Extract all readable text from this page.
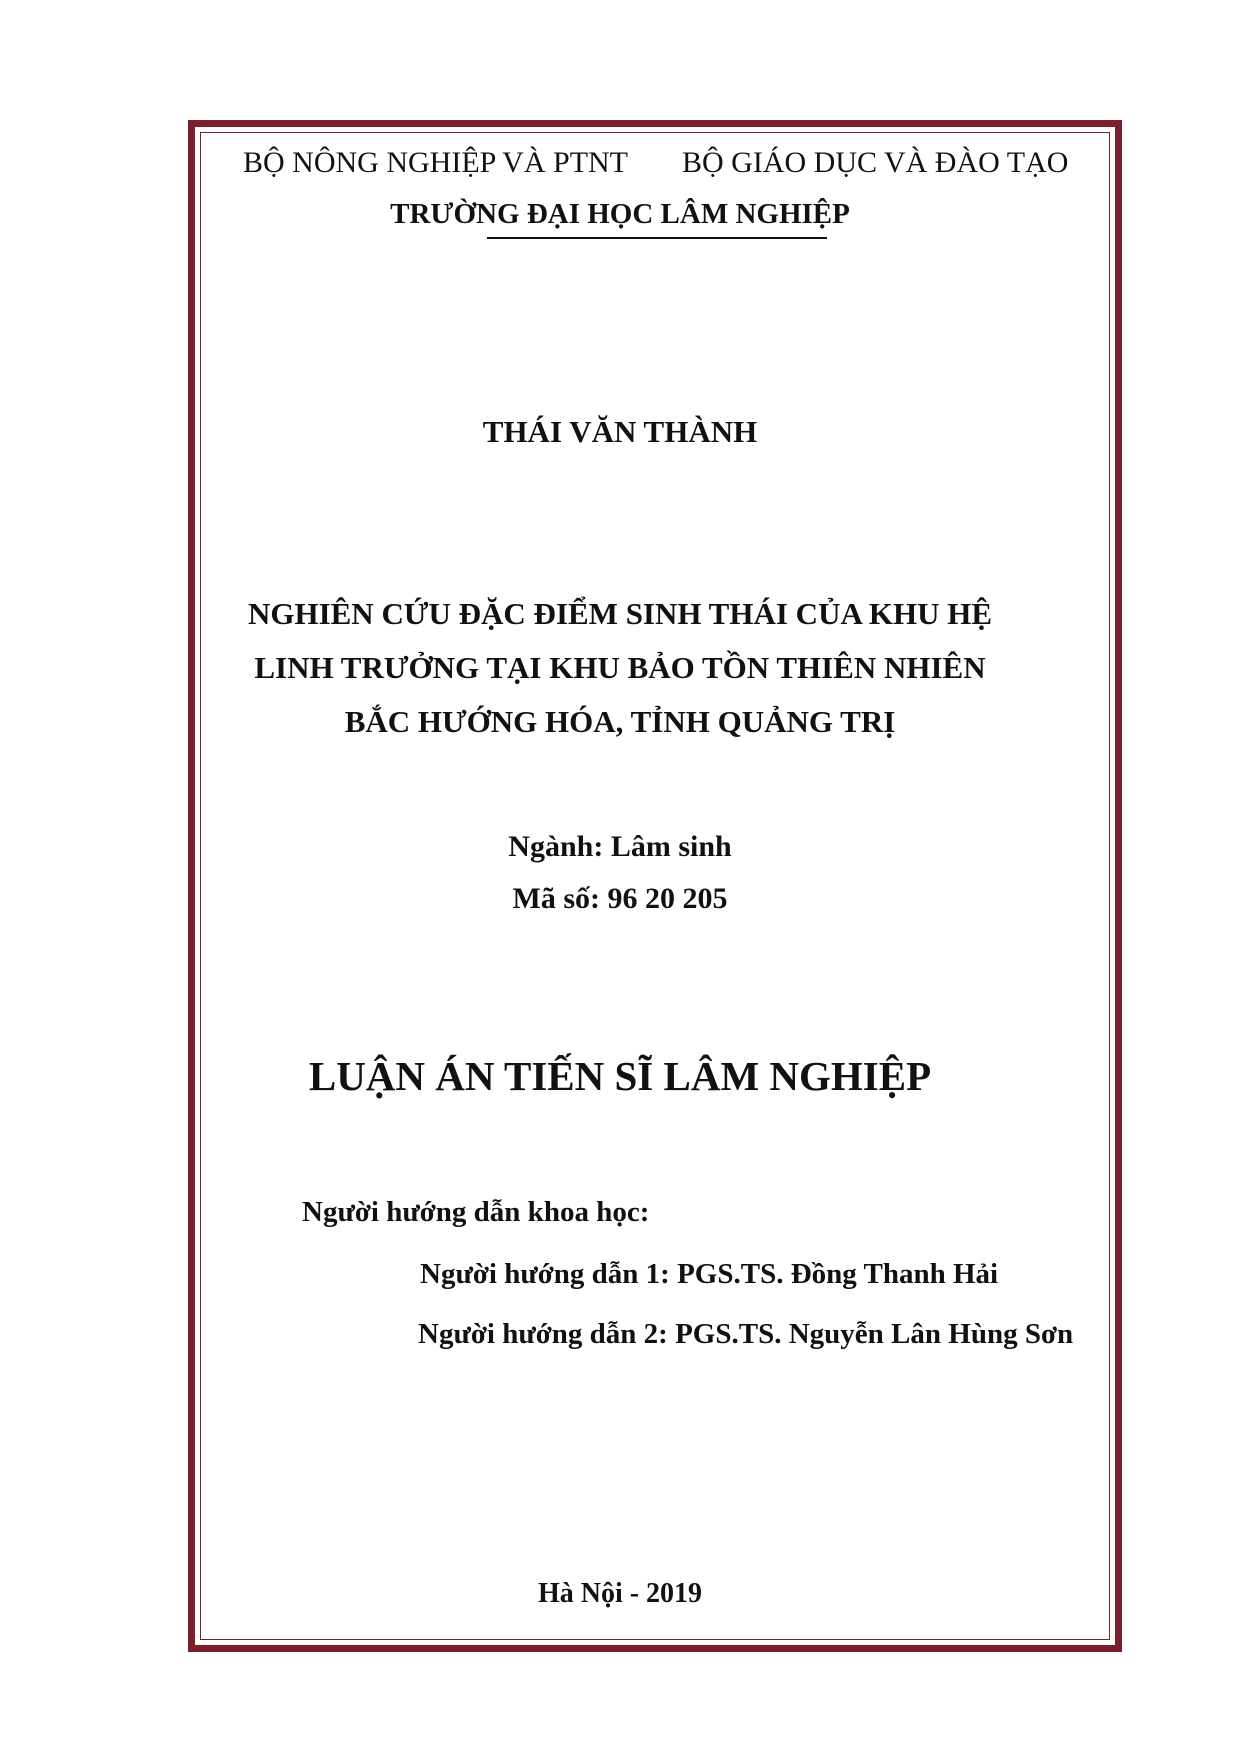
BỘ NÔNG NGHIỆP VÀ PTNT BỘ GIÁO DỤC VÀ ĐÀO TẠO
TRƯỜNG ĐẠI HỌC LÂM NGHIỆP
THÁI VĂN THÀNH
NGHIÊN CỨU ĐẶC ĐIỂM SINH THÁI CỦA KHU HỆ
LINH TRƯỞNG TẠI KHU BẢO TỒN THIÊN NHIÊN
BẮC HƯỚNG HÓA, TỈNH QUẢNG TRỊ
Ngành: Lâm sinh
Mã số: 96 20 205
LUẬN ÁN TIẾN SĨ LÂM NGHIỆP
Người hướng dẫn khoa học:
Người hướng dẫn 1: PGS.TS. Đồng Thanh Hải
Người hướng dẫn 2: PGS.TS. Nguyễn Lân Hùng Sơn
Hà Nội - 2019
